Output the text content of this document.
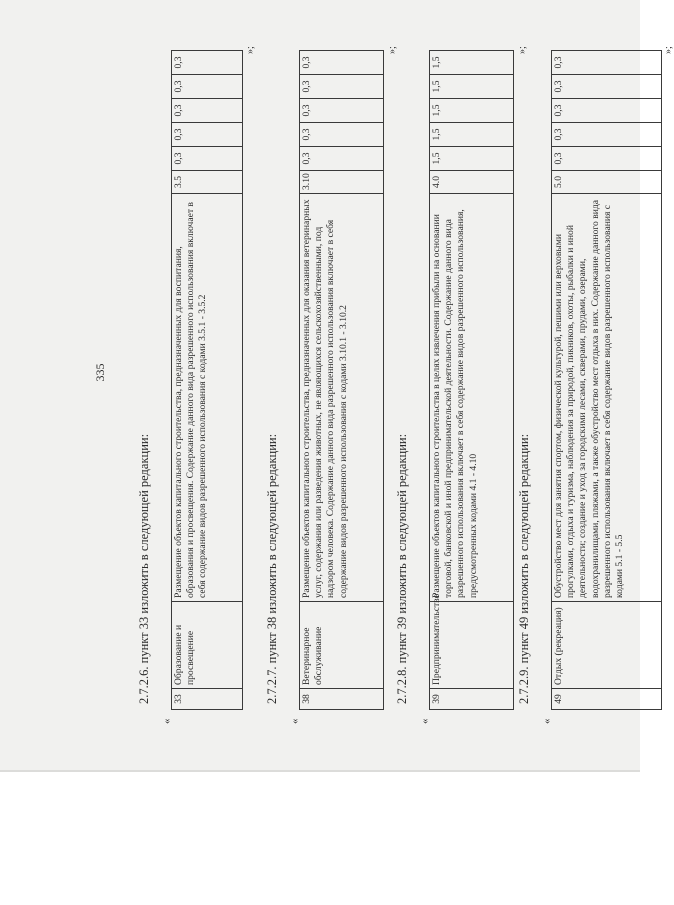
335
2.7.2.6. пункт 33 изложить в следующей редакции:
«
33	Образование и просвещение	Размещение объектов капитального строительства, предназначенных для воспитания, образования и просвещения. Содержание данного вида разрешенного использования включает в себя содержание видов разрешенного использования с кодами 3.5.1 - 3.5.2	3.5	0,3	0,3	0,3	0,3	0,3
»;
2.7.2.7. пункт 38 изложить в следующей редакции:
«
38	Ветеринарное обслуживание	Размещение объектов капитального строительства, предназначенных для оказания ветеринарных услуг, содержания или разведения животных, не являющихся сельскохозяйственными, под надзором человека. Содержание данного вида разрешенного использования включает в себя содержание видов разрешенного использования с кодами 3.10.1 - 3.10.2	3.10	0,3	0,3	0,3	0,3	0,3
»;
2.7.2.8. пункт 39 изложить в следующей редакции:
«
39	Предпринимательство	Размещение объектов капитального строительства в целях извлечения прибыли на основании торговой, банковской и иной предпринимательской деятельности. Содержание данного вида разрешенного использования включает в себя содержание видов разрешенного использования, предусмотренных кодами 4.1 - 4.10	4.0	1,5	1,5	1,5	1,5	1,5
»;
2.7.2.9. пункт 49 изложить в следующей редакции:
«
49	Отдых (рекреация)	Обустройство мест для занятия спортом, физической культурой, пешими или верховыми прогулками, отдыха и туризма, наблюдения за природой, пикников, охоты, рыбалки и иной деятельности; создание и уход за городскими лесами, скверами, прудами, озерами, водохранилищами, пляжами, а также обустройство мест отдыха в них. Содержание данного вида разрешенного использования включает в себя содержание видов разрешенного использования с кодами 5.1 - 5.5	5.0	0,3	0,3	0,3	0,3	0,3
»;
